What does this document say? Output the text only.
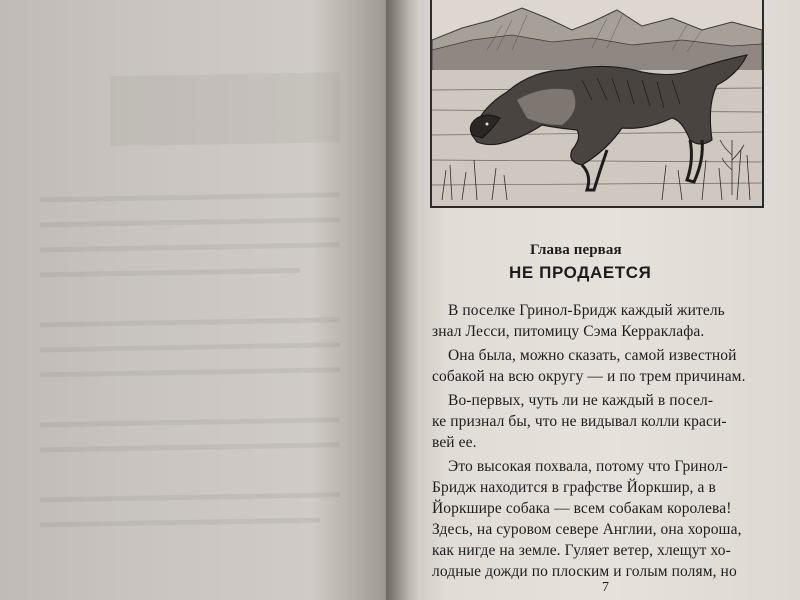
Глава первая
НЕ ПРОДАЕТСЯ
В поселке Гринол-Бридж каждый житель
знал Лесси, питомицу Сэма Керраклафа.
Она была, можно сказать, самой известной
собакой на всю округу — и по трем причинам.
Во-первых, чуть ли не каждый в посел-
ке признал бы, что не видывал колли краси-
вей ее.
Это высокая похвала, потому что Гринол-
Бридж находится в графстве Йоркшир, а в
Йоркшире собака — всем собакам королева!
Здесь, на суровом севере Англии, она хороша,
как нигде на земле. Гуляет ветер, хлещут хо-
лодные дожди по плоским и голым полям, но
7
